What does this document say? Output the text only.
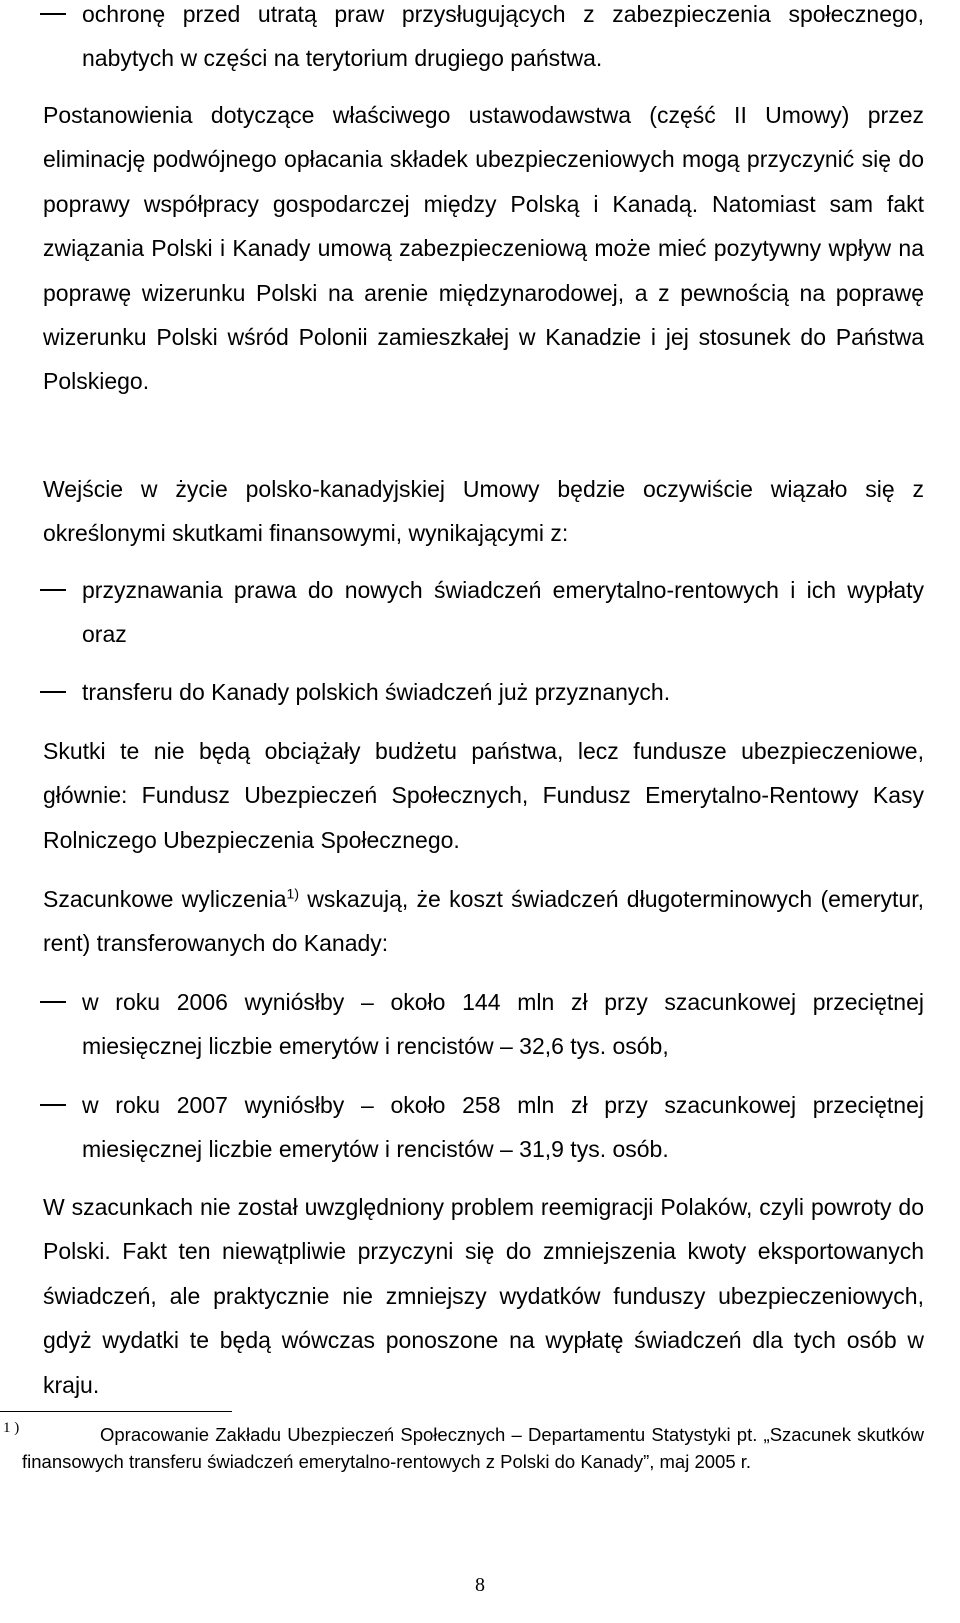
ochronę przed utratą praw przysługujących z zabezpieczenia społecznego, nabytych w części na terytorium drugiego państwa.

Postanowienia dotyczące właściwego ustawodawstwa (część II Umowy) przez eliminację podwójnego opłacania składek ubezpieczeniowych mogą przyczynić się do poprawy współpracy gospodarczej między Polską i Kanadą. Natomiast sam fakt związania Polski i Kanady umową zabezpieczeniową może mieć pozytywny wpływ na poprawę wizerunku Polski na arenie międzynarodowej, a z pewnością na poprawę wizerunku Polski wśród Polonii zamieszkałej w Kanadzie i jej stosunek do Państwa Polskiego.

Wejście w życie polsko-kanadyjskiej Umowy będzie oczywiście wiązało się z określonymi skutkami finansowymi, wynikającymi z:

przyznawania prawa do nowych świadczeń emerytalno-rentowych i ich wypłaty oraz

transferu do Kanady polskich świadczeń już przyznanych.

Skutki te nie będą obciążały budżetu państwa, lecz fundusze ubezpieczeniowe, głównie: Fundusz Ubezpieczeń Społecznych, Fundusz Emerytalno-Rentowy Kasy Rolniczego Ubezpieczenia Społecznego.

Szacunkowe wyliczenia$^{1)}$ wskazują, że koszt świadczeń długoterminowych (emerytur, rent) transferowanych do Kanady:

w roku 2006 wyniósłby – około 144 mln zł przy szacunkowej przeciętnej miesięcznej liczbie emerytów i rencistów – 32,6 tys. osób,

w roku 2007 wyniósłby – około 258 mln zł przy szacunkowej przeciętnej miesięcznej liczbie emerytów i rencistów – 31,9 tys. osób.

W szacunkach nie został uwzględniony problem reemigracji Polaków, czyli powroty do Polski. Fakt ten niewątpliwie przyczyni się do zmniejszenia kwoty eksportowanych świadczeń, ale praktycznie nie zmniejszy wydatków funduszy ubezpieczeniowych, gdyż wydatki te będą wówczas ponoszone na wypłatę świadczeń dla tych osób w kraju.

1 )	Opracowanie Zakładu Ubezpieczeń Społecznych – Departamentu Statystyki pt. „Szacunek skutków finansowych transferu świadczeń emerytalno-rentowych z Polski do Kanady”, maj 2005 r.

8
